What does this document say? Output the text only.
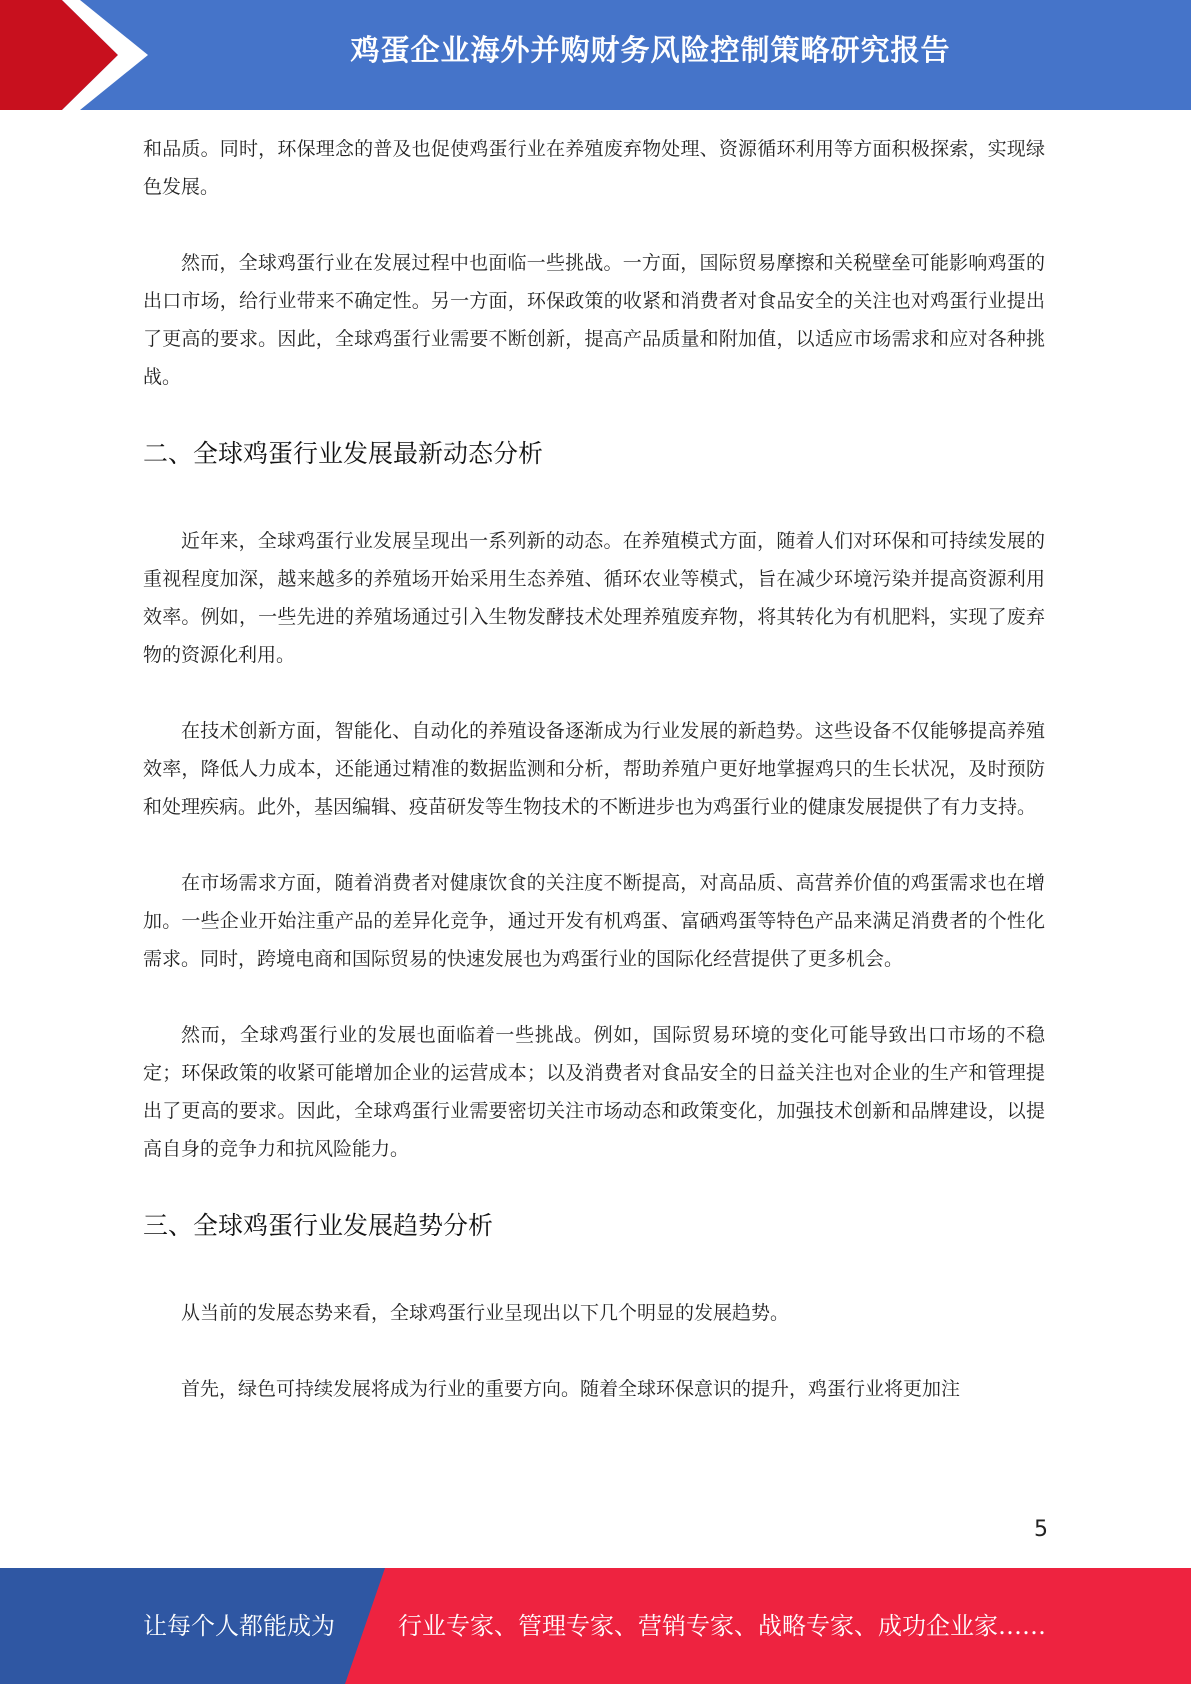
鸡蛋企业海外并购财务风险控制策略研究报告

和品质。同时，环保理念的普及也促使鸡蛋行业在养殖废弃物处理、资源循环利用等方面积极探索，实现绿色发展。

然而，全球鸡蛋行业在发展过程中也面临一些挑战。一方面，国际贸易摩擦和关税壁垒可能影响鸡蛋的出口市场，给行业带来不确定性。另一方面，环保政策的收紧和消费者对食品安全的关注也对鸡蛋行业提出了更高的要求。因此，全球鸡蛋行业需要不断创新，提高产品质量和附加值，以适应市场需求和应对各种挑战。

二、全球鸡蛋行业发展最新动态分析

近年来，全球鸡蛋行业发展呈现出一系列新的动态。在养殖模式方面，随着人们对环保和可持续发展的重视程度加深，越来越多的养殖场开始采用生态养殖、循环农业等模式，旨在减少环境污染并提高资源利用效率。例如，一些先进的养殖场通过引入生物发酵技术处理养殖废弃物，将其转化为有机肥料，实现了废弃物的资源化利用。

在技术创新方面，智能化、自动化的养殖设备逐渐成为行业发展的新趋势。这些设备不仅能够提高养殖效率，降低人力成本，还能通过精准的数据监测和分析，帮助养殖户更好地掌握鸡只的生长状况，及时预防和处理疾病。此外，基因编辑、疫苗研发等生物技术的不断进步也为鸡蛋行业的健康发展提供了有力支持。

在市场需求方面，随着消费者对健康饮食的关注度不断提高，对高品质、高营养价值的鸡蛋需求也在增加。一些企业开始注重产品的差异化竞争，通过开发有机鸡蛋、富硒鸡蛋等特色产品来满足消费者的个性化需求。同时，跨境电商和国际贸易的快速发展也为鸡蛋行业的国际化经营提供了更多机会。

然而，全球鸡蛋行业的发展也面临着一些挑战。例如，国际贸易环境的变化可能导致出口市场的不稳定；环保政策的收紧可能增加企业的运营成本；以及消费者对食品安全的日益关注也对企业的生产和管理提出了更高的要求。因此，全球鸡蛋行业需要密切关注市场动态和政策变化，加强技术创新和品牌建设，以提高自身的竞争力和抗风险能力。

三、全球鸡蛋行业发展趋势分析

从当前的发展态势来看，全球鸡蛋行业呈现出以下几个明显的发展趋势。

首先，绿色可持续发展将成为行业的重要方向。随着全球环保意识的提升，鸡蛋行业将更加注

5
让每个人都能成为	行业专家、管理专家、营销专家、战略专家、成功企业家……
